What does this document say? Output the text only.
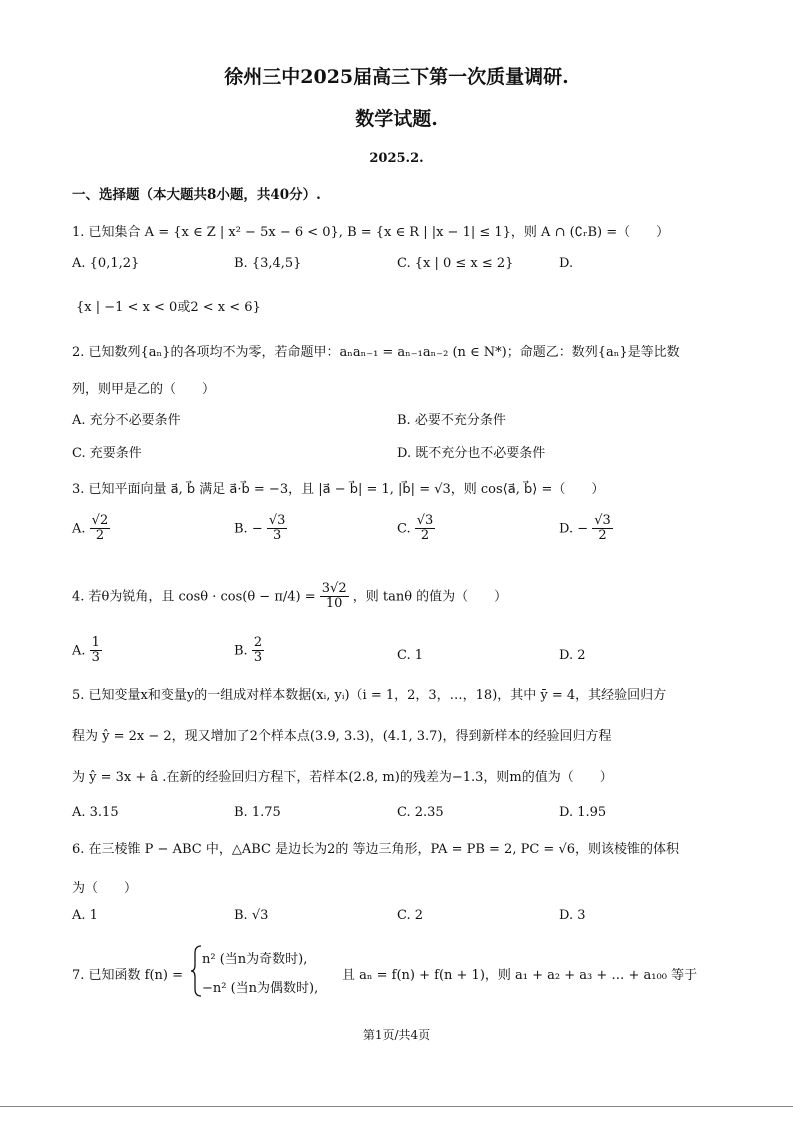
徐州三中2025届高三下第一次质量调研.
数学试题.
2025.2.
一、选择题（本大题共8小题，共40分）.
1. 已知集合 A = {x ∈ Z | x² − 5x − 6 < 0}, B = {x ∈ R | |x − 1| ≤ 1}，则 A ∩ (∁ᵣB) =（　　）
A. {0,1,2}	B. {3,4,5}	C. {x | 0 ≤ x ≤ 2}	D.
{x | −1 < x < 0或2 < x < 6}
2. 已知数列{aₙ}的各项均不为零，若命题甲：aₙaₙ₋₁ = aₙ₋₁aₙ₋₂ (n ∈ N*)；命题乙：数列{aₙ}是等比数
列，则甲是乙的（　　）
A. 充分不必要条件	B. 必要不充分条件
C. 充要条件	D. 既不充分也不必要条件
3. 已知平面向量 a⃗, b⃗ 满足 a⃗·b⃗ = −3，且 |a⃗ − b⃗| = 1, |b⃗| = √3，则 cos⟨a⃗, b⃗⟩ =（　　）
A. $\frac{√2}{2}$	B. − $\frac{√3}{3}$	C. $\frac{√3}{2}$	D. − $\frac{√3}{2}$
4. 若θ为锐角，且 $\cos\theta \cdot \cos(\theta - \pi/4) = \frac{3√2}{10}$ ，则 tanθ 的值为（　　）
A. $\frac{1}{3}$	B. $\frac{2}{3}$	C. 1	D. 2
5. 已知变量x和变量y的一组成对样本数据(xᵢ, yᵢ)（i = 1，2，3，…，18)，其中 ȳ = 4，其经验回归方
程为 ŷ = 2x − 2，现又增加了2个样本点(3.9, 3.3)，(4.1, 3.7)，得到新样本的经验回归方程
为 ŷ = 3x + â .在新的经验回归方程下，若样本(2.8, m)的残差为−1.3，则m的值为（　　）
A. 3.15	B. 1.75	C. 2.35	D. 1.95
6. 在三棱锥 P − ABC 中，△ABC 是边长为2的 等边三角形，PA = PB = 2, PC = √6，则该棱锥的体积
为（　　）
A. 1	B. √3	C. 2	D. 3
7. 已知函数 f(n) =
n² (当n为奇数时),
−n² (当n为偶数时),
且 aₙ = f(n) + f(n + 1)，则 a₁ + a₂ + a₃ + … + a₁₀₀ 等于
第1页/共4页
